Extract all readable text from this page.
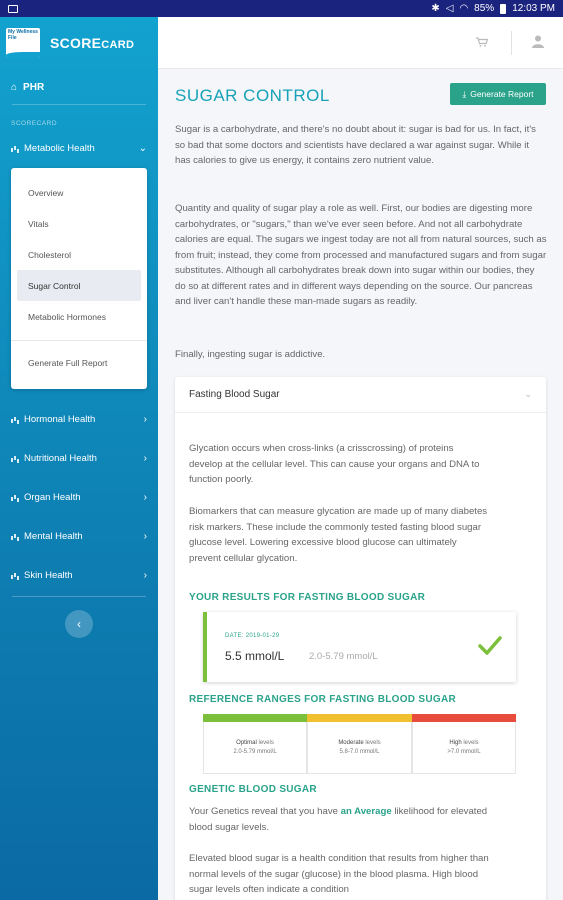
✱ ◁ ◠ 85% 12:03 PM
My Wellness File	SCORECARD
⌂ PHR
SCORECARD
Metabolic Health	⌄
Overview
Vitals
Cholesterol
Sugar Control
Metabolic Hormones
Generate Full Report
Hormonal Health	›
Nutritional Health	›
Organ Health	›
Mental Health	›
Skin Health	›
‹
SUGAR CONTROL	⤓ Generate Report
Sugar is a carbohydrate, and there's no doubt about it: sugar is bad for us. In fact, it's so bad that some doctors and scientists have declared a war against sugar. While it has calories to give us energy, it contains zero nutrient value.
Quantity and quality of sugar play a role as well. First, our bodies are digesting more carbohydrates, or "sugars," than we've ever seen before. And not all carbohydrate calories are equal. The sugars we ingest today are not all from natural sources, such as from fruit; instead, they come from processed and manufactured sugars and from sugar substitutes. Although all carbohydrates break down into sugar within our bodies, they do so at different rates and in different ways depending on the source. Our pancreas and liver can't handle these man-made sugars as readily.
Finally, ingesting sugar is addictive.
Fasting Blood Sugar	⌄
Glycation occurs when cross-links (a crisscrossing) of proteins develop at the cellular level. This can cause your organs and DNA to function poorly.
Biomarkers that can measure glycation are made up of many diabetes risk markers. These include the commonly tested fasting blood sugar glucose level. Lowering excessive blood glucose can ultimately prevent cellular glycation.
YOUR RESULTS FOR FASTING BLOOD SUGAR
DATE: 2019-01-29
5.5 mmol/L	2.0-5.79 mmol/L
REFERENCE RANGES FOR FASTING BLOOD SUGAR
Optimal levels
2.0-5.79 mmol/L
Moderate levels
5.8-7.0 mmol/L
High levels
>7.0 mmol/L
GENETIC BLOOD SUGAR
Your Genetics reveal that you have an Average likelihood for elevated blood sugar levels.
Elevated blood sugar is a health condition that results from higher than normal levels of the sugar (glucose) in the blood plasma. High blood sugar levels often indicate a condition
